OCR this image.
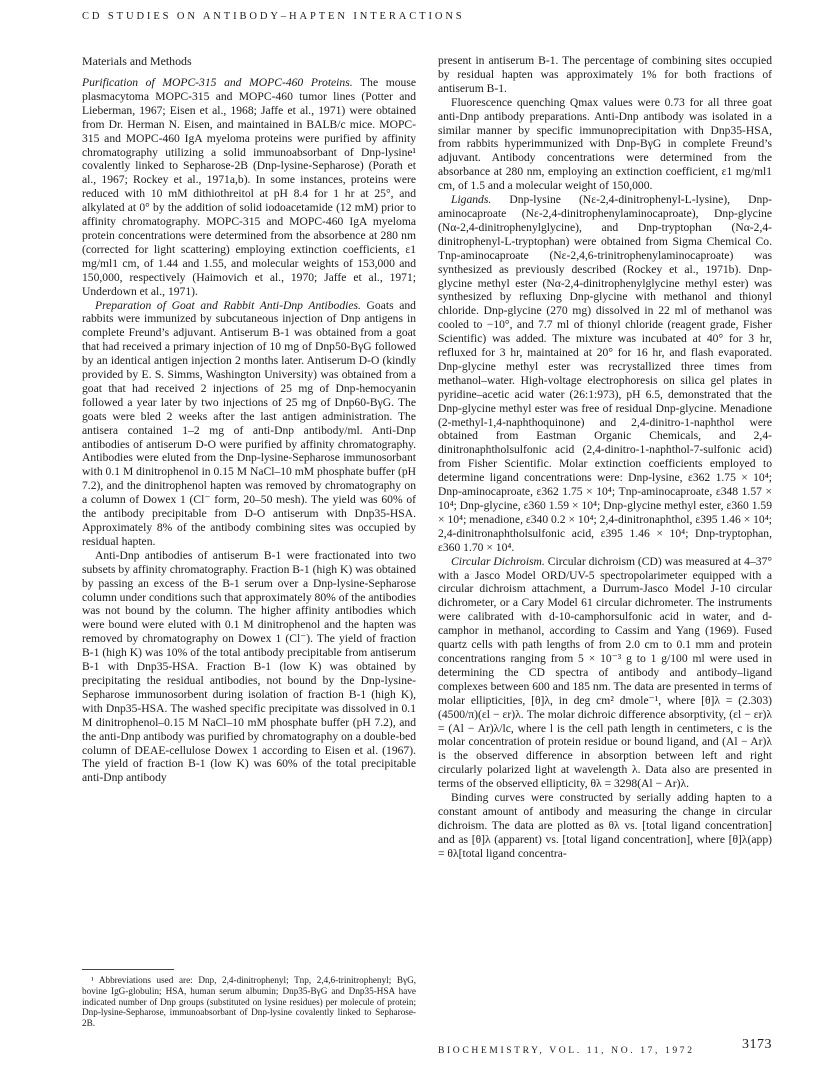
CD STUDIES ON ANTIBODY–HAPTEN INTERACTIONS
Materials and Methods

Purification of MOPC-315 and MOPC-460 Proteins. The mouse plasmacytoma MOPC-315 and MOPC-460 tumor lines (Potter and Lieberman, 1967; Eisen et al., 1968; Jaffe et al., 1971) were obtained from Dr. Herman N. Eisen, and maintained in BALB/c mice. MOPC-315 and MOPC-460 IgA myeloma proteins were purified by affinity chromatography utilizing a solid immunoabsorbant of Dnp-lysine¹ covalently linked to Sepharose-2B (Dnp-lysine-Sepharose) (Porath et al., 1967; Rockey et al., 1971a,b). In some instances, proteins were reduced with 10 mM dithiothreitol at pH 8.4 for 1 hr at 25°, and alkylated at 0° by the addition of solid iodoacetamide (12 mM) prior to affinity chromatography. MOPC-315 and MOPC-460 IgA myeloma protein concentrations were determined from the absorbence at 280 nm (corrected for light scattering) employing extinction coefficients, ε1 mg/ml1 cm, of 1.44 and 1.55, and molecular weights of 153,000 and 150,000, respectively (Haimovich et al., 1970; Jaffe et al., 1971; Underdown et al., 1971).

Preparation of Goat and Rabbit Anti-Dnp Antibodies. Goats and rabbits were immunized by subcutaneous injection of Dnp antigens in complete Freund’s adjuvant. Antiserum B-1 was obtained from a goat that had received a primary injection of 10 mg of Dnp50-BγG followed by an identical antigen injection 2 months later. Antiserum D-O (kindly provided by E. S. Simms, Washington University) was obtained from a goat that had received 2 injections of 25 mg of Dnp-hemocyanin followed a year later by two injections of 25 mg of Dnp60-BγG. The goats were bled 2 weeks after the last antigen administration. The antisera contained 1–2 mg of anti-Dnp antibody/ml. Anti-Dnp antibodies of antiserum D-O were purified by affinity chromatography. Antibodies were eluted from the Dnp-lysine-Sepharose immunosorbant with 0.1 M dinitrophenol in 0.15 M NaCl–10 mM phosphate buffer (pH 7.2), and the dinitrophenol hapten was removed by chromatography on a column of Dowex 1 (Cl⁻ form, 20–50 mesh). The yield was 60% of the antibody precipitable from D-O antiserum with Dnp35-HSA. Approximately 8% of the antibody combining sites was occupied by residual hapten.

Anti-Dnp antibodies of antiserum B-1 were fractionated into two subsets by affinity chromatography. Fraction B-1 (high K) was obtained by passing an excess of the B-1 serum over a Dnp-lysine-Sepharose column under conditions such that approximately 80% of the antibodies was not bound by the column. The higher affinity antibodies which were bound were eluted with 0.1 M dinitrophenol and the hapten was removed by chromatography on Dowex 1 (Cl⁻). The yield of fraction B-1 (high K) was 10% of the total antibody precipitable from antiserum B-1 with Dnp35-HSA. Fraction B-1 (low K) was obtained by precipitating the residual antibodies, not bound by the Dnp-lysine-Sepharose immunosorbent during isolation of fraction B-1 (high K), with Dnp35-HSA. The washed specific precipitate was dissolved in 0.1 M dinitrophenol–0.15 M NaCl–10 mM phosphate buffer (pH 7.2), and the anti-Dnp antibody was purified by chromatography on a double-bed column of DEAE-cellulose Dowex 1 according to Eisen et al. (1967). The yield of fraction B-1 (low K) was 60% of the total precipitable anti-Dnp antibody

present in antiserum B-1. The percentage of combining sites occupied by residual hapten was approximately 1% for both fractions of antiserum B-1.

Fluorescence quenching Qmax values were 0.73 for all three goat anti-Dnp antibody preparations. Anti-Dnp antibody was isolated in a similar manner by specific immunoprecipitation with Dnp35-HSA, from rabbits hyperimmunized with Dnp-BγG in complete Freund’s adjuvant. Antibody concentrations were determined from the absorbance at 280 nm, employing an extinction coefficient, ε1 mg/ml1 cm, of 1.5 and a molecular weight of 150,000.

Ligands. Dnp-lysine (Nε-2,4-dinitrophenyl-L-lysine), Dnp-aminocaproate (Nε-2,4-dinitrophenylaminocaproate), Dnp-glycine (Nα-2,4-dinitrophenylglycine), and Dnp-tryptophan (Nα-2,4-dinitrophenyl-L-tryptophan) were obtained from Sigma Chemical Co. Tnp-aminocaproate (Nε-2,4,6-trinitrophenylaminocaproate) was synthesized as previously described (Rockey et al., 1971b). Dnp-glycine methyl ester (Nα-2,4-dinitrophenylglycine methyl ester) was synthesized by refluxing Dnp-glycine with methanol and thionyl chloride. Dnp-glycine (270 mg) dissolved in 22 ml of methanol was cooled to −10°, and 7.7 ml of thionyl chloride (reagent grade, Fisher Scientific) was added. The mixture was incubated at 40° for 3 hr, refluxed for 3 hr, maintained at 20° for 16 hr, and flash evaporated. Dnp-glycine methyl ester was recrystallized three times from methanol–water. High-voltage electrophoresis on silica gel plates in pyridine–acetic acid water (26:1:973), pH 6.5, demonstrated that the Dnp-glycine methyl ester was free of residual Dnp-glycine. Menadione (2-methyl-1,4-naphthoquinone) and 2,4-dinitro-1-naphthol were obtained from Eastman Organic Chemicals, and 2,4-dinitronaphtholsulfonic acid (2,4-dinitro-1-naphthol-7-sulfonic acid) from Fisher Scientific. Molar extinction coefficients employed to determine ligand concentrations were: Dnp-lysine, ε362 1.75 × 10⁴; Dnp-aminocaproate, ε362 1.75 × 10⁴; Tnp-aminocaproate, ε348 1.57 × 10⁴; Dnp-glycine, ε360 1.59 × 10⁴; Dnp-glycine methyl ester, ε360 1.59 × 10⁴; menadione, ε340 0.2 × 10⁴; 2,4-dinitronaphthol, ε395 1.46 × 10⁴; 2,4-dinitronaphtholsulfonic acid, ε395 1.46 × 10⁴; Dnp-tryptophan, ε360 1.70 × 10⁴.

Circular Dichroism. Circular dichroism (CD) was measured at 4–37° with a Jasco Model ORD/UV-5 spectropolarimeter equipped with a circular dichroism attachment, a Durrum-Jasco Model J-10 circular dichrometer, or a Cary Model 61 circular dichrometer. The instruments were calibrated with d-10-camphorsulfonic acid in water, and d-camphor in methanol, according to Cassim and Yang (1969). Fused quartz cells with path lengths of from 2.0 cm to 0.1 mm and protein concentrations ranging from 5 × 10⁻³ g to 1 g/100 ml were used in determining the CD spectra of antibody and antibody–ligand complexes between 600 and 185 nm. The data are presented in terms of molar ellipticities, [θ]λ, in deg cm² dmole⁻¹, where [θ]λ = (2.303)(4500/π)(εl − εr)λ. The molar dichroic difference absorptivity, (εl − εr)λ = (Al − Ar)λ/lc, where l is the cell path length in centimeters, c is the molar concentration of protein residue or bound ligand, and (Al − Ar)λ is the observed difference in absorption between left and right circularly polarized light at wavelength λ. Data also are presented in terms of the observed ellipticity, θλ = 3298(Al − Ar)λ.

Binding curves were constructed by serially adding hapten to a constant amount of antibody and measuring the change in circular dichroism. The data are plotted as θλ vs. [total ligand concentration] and as [θ]λ (apparent) vs. [total ligand concentration], where [θ]λ(app) = θλ[total ligand concentra-

¹ Abbreviations used are: Dnp, 2,4-dinitrophenyl; Tnp, 2,4,6-trinitrophenyl; BγG, bovine IgG-globulin; HSA, human serum albumin; Dnp35-BγG and Dnp35-HSA have indicated number of Dnp groups (substituted on lysine residues) per molecule of protein; Dnp-lysine-Sepharose, immunoabsorbant of Dnp-lysine covalently linked to Sepharose-2B.

BIOCHEMISTRY, VOL. 11, NO. 17, 1972	3173
